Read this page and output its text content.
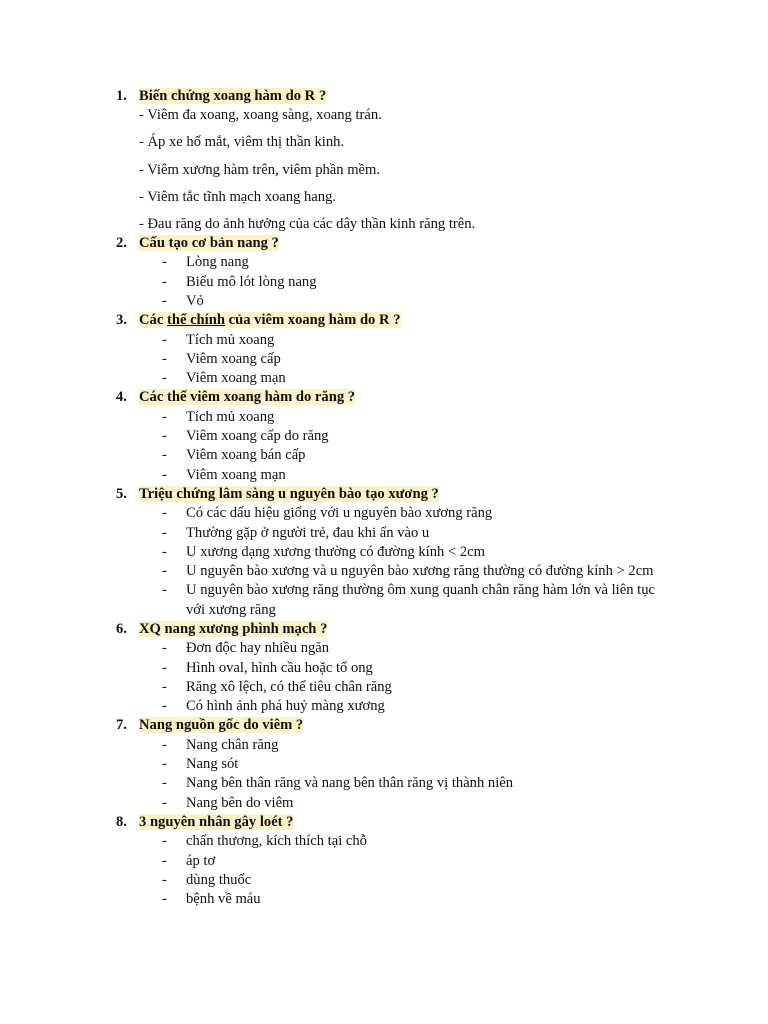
1. Biến chứng xoang hàm do R ?
- Viêm đa xoang, xoang sàng, xoang trán.
- Áp xe hố mắt, viêm thị thần kinh.
- Viêm xương hàm trên, viêm phần mềm.
- Viêm tắc tĩnh mạch xoang hang.
- Đau răng do ảnh hưởng của các dây thần kinh răng trên.
2. Cấu tạo cơ bản nang ?
- Lòng nang
- Biểu mô lót lòng nang
- Vỏ
3. Các thể chính của viêm xoang hàm do R ?
- Tích mủ xoang
- Viêm xoang cấp
- Viêm xoang mạn
4. Các thể viêm xoang hàm do răng ?
- Tích mủ xoang
- Viêm xoang cấp do răng
- Viêm xoang bán cấp
- Viêm xoang mạn
5. Triệu chứng lâm sàng u nguyên bào tạo xương ?
- Có các dấu hiệu giống với u nguyên bào xương răng
- Thường gặp ở người trẻ, đau khi ấn vào u
- U xương dạng xương thường có đường kính < 2cm
- U nguyên bào xương và u nguyên bào xương răng thường có đường kính > 2cm
- U nguyên bào xương răng thường ôm xung quanh chân răng hàm lớn và liên tục với xương răng
6. XQ nang xương phình mạch ?
- Đơn độc hay nhiều ngăn
- Hình oval, hình cầu hoặc tổ ong
- Răng xô lệch, có thể tiêu chân răng
- Có hình ảnh phá huỷ màng xương
7. Nang nguồn gốc do viêm ?
- Nang chân răng
- Nang sót
- Nang bên thân răng và nang bên thân răng vị thành niên
- Nang bên do viêm
8. 3 nguyên nhân gây loét ?
- chấn thương, kích thích tại chỗ
- áp tơ
- dùng thuốc
- bệnh về máu
